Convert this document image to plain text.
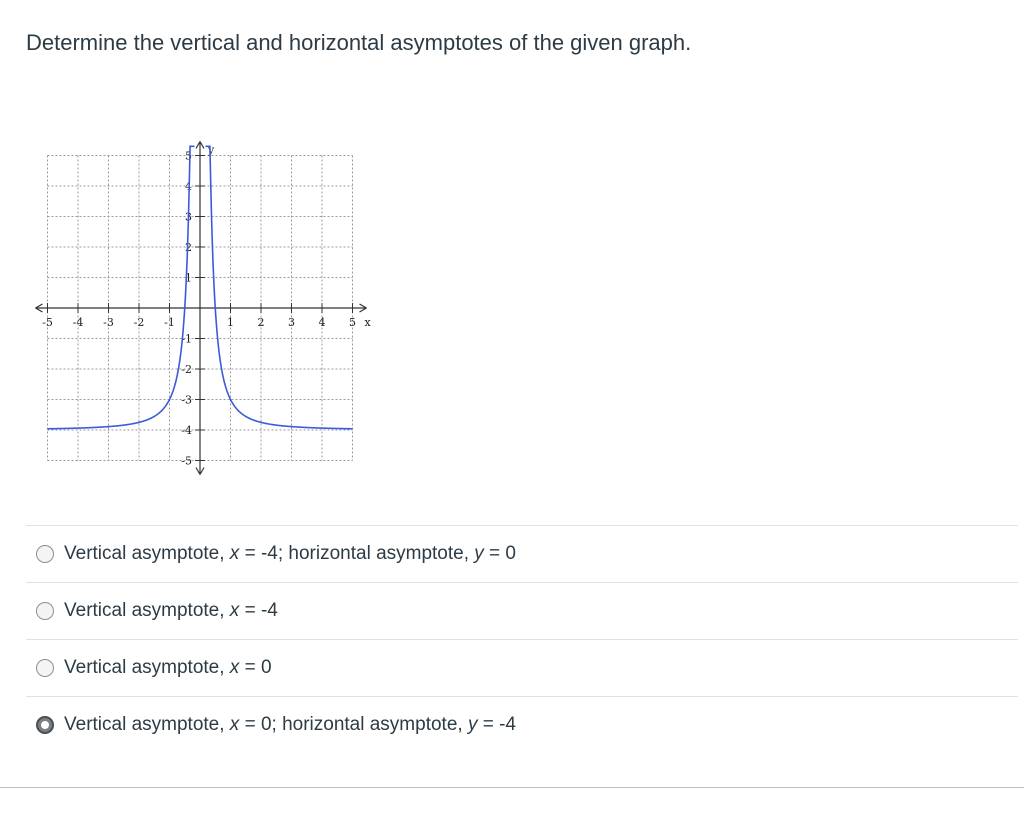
Determine the vertical and horizontal asymptotes of the given graph.
-5 -4 -3 -2 -1	1 2 3 4 5
5
4
3
2
1
-1
-2
-3
-4
-5
x
y
Vertical asymptote, x = -4; horizontal asymptote, y = 0
Vertical asymptote, x = -4
Vertical asymptote, x = 0
Vertical asymptote, x = 0; horizontal asymptote, y = -4
